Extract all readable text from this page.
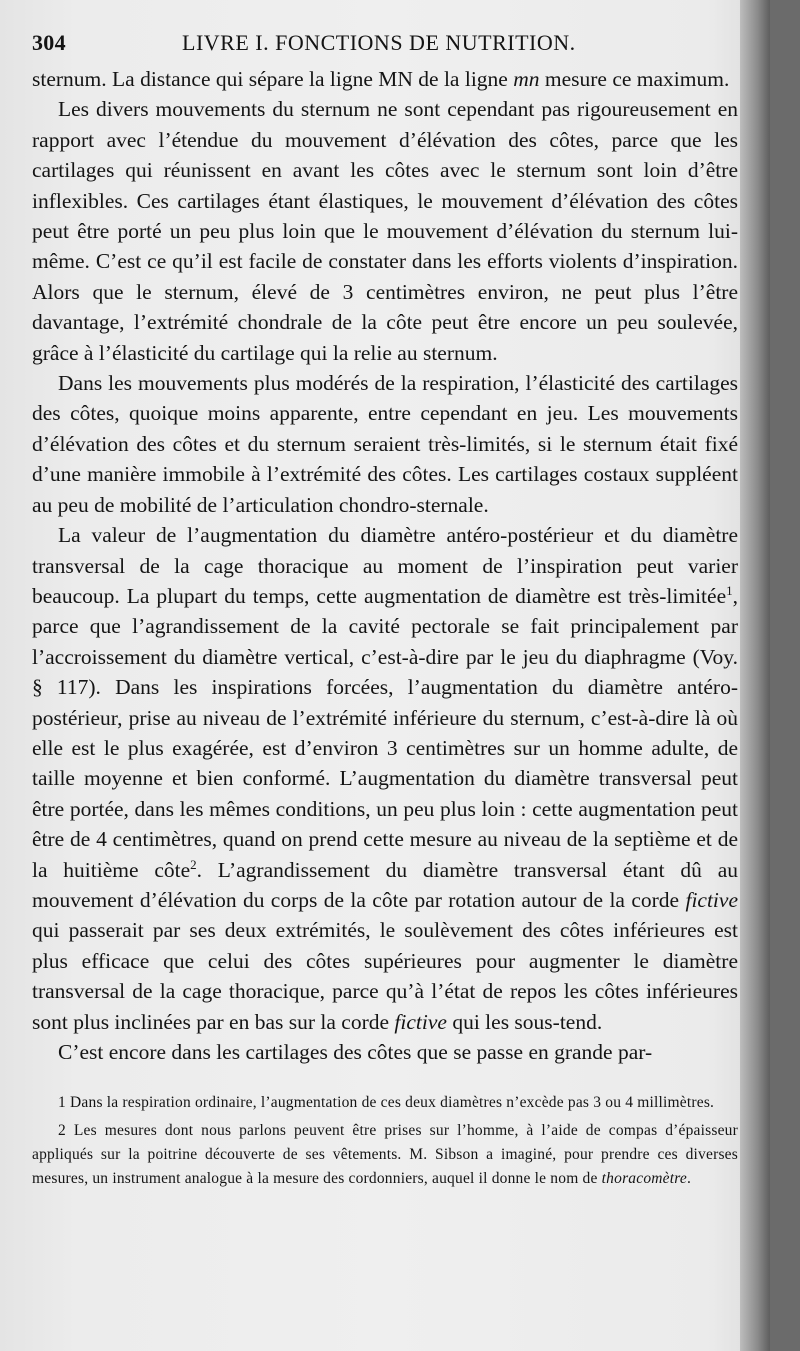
304	LIVRE I. FONCTIONS DE NUTRITION.

sternum. La distance qui sépare la ligne MN de la ligne mn mesure ce maximum.

Les divers mouvements du sternum ne sont cependant pas rigoureusement en rapport avec l’étendue du mouvement d’élévation des côtes, parce que les cartilages qui réunissent en avant les côtes avec le sternum sont loin d’être inflexibles. Ces cartilages étant élastiques, le mouvement d’élévation des côtes peut être porté un peu plus loin que le mouvement d’élévation du sternum lui-même. C’est ce qu’il est facile de constater dans les efforts violents d’inspiration. Alors que le sternum, élevé de 3 centimètres environ, ne peut plus l’être davantage, l’extrémité chondrale de la côte peut être encore un peu soulevée, grâce à l’élasticité du cartilage qui la relie au sternum.

Dans les mouvements plus modérés de la respiration, l’élasticité des cartilages des côtes, quoique moins apparente, entre cependant en jeu. Les mouvements d’élévation des côtes et du sternum seraient très-limités, si le sternum était fixé d’une manière immobile à l’extrémité des côtes. Les cartilages costaux suppléent au peu de mobilité de l’articulation chondro-sternale.

La valeur de l’augmentation du diamètre antéro-postérieur et du diamètre transversal de la cage thoracique au moment de l’inspiration peut varier beaucoup. La plupart du temps, cette augmentation de diamètre est très-limitée$^1$, parce que l’agrandissement de la cavité pectorale se fait principalement par l’accroissement du diamètre vertical, c’est-à-dire par le jeu du diaphragme (Voy. § 117). Dans les inspirations forcées, l’augmentation du diamètre antéro-postérieur, prise au niveau de l’extrémité inférieure du sternum, c’est-à-dire là où elle est le plus exagérée, est d’environ 3 centimètres sur un homme adulte, de taille moyenne et bien conformé. L’augmentation du diamètre transversal peut être portée, dans les mêmes conditions, un peu plus loin : cette augmentation peut être de 4 centimètres, quand on prend cette mesure au niveau de la septième et de la huitième côte$^2$. L’agrandissement du diamètre transversal étant dû au mouvement d’élévation du corps de la côte par rotation autour de la corde fictive qui passerait par ses deux extrémités, le soulèvement des côtes inférieures est plus efficace que celui des côtes supérieures pour augmenter le diamètre transversal de la cage thoracique, parce qu’à l’état de repos les côtes inférieures sont plus inclinées par en bas sur la corde fictive qui les sous-tend.

C’est encore dans les cartilages des côtes que se passe en grande par-

1 Dans la respiration ordinaire, l’augmentation de ces deux diamètres n’excède pas 3 ou 4 millimètres.

2 Les mesures dont nous parlons peuvent être prises sur l’homme, à l’aide de compas d’épaisseur appliqués sur la poitrine découverte de ses vêtements. M. Sibson a imaginé, pour prendre ces diverses mesures, un instrument analogue à la mesure des cordonniers, auquel il donne le nom de thoracomètre.
